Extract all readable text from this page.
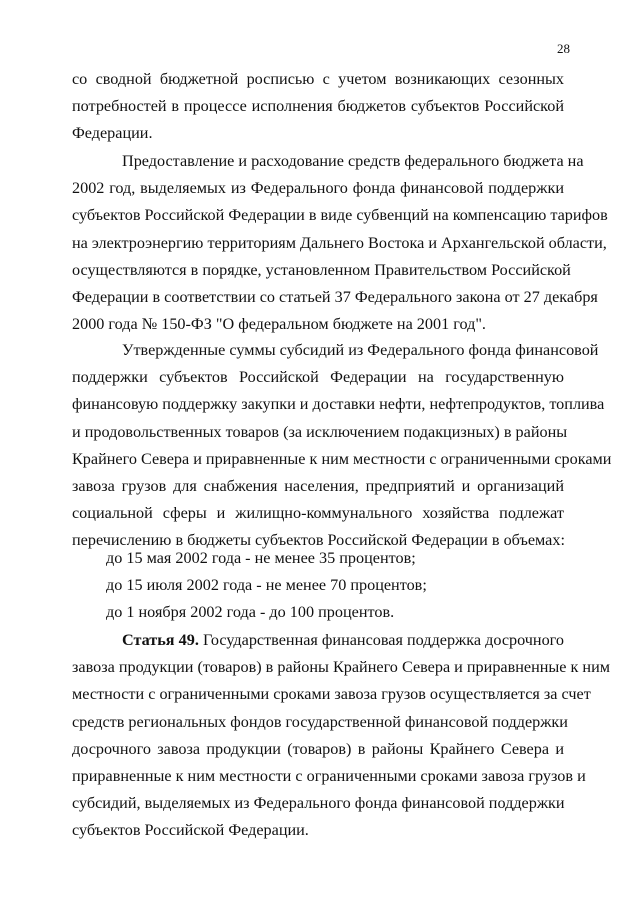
28
со сводной бюджетной росписью с учетом возникающих сезонных
потребностей в процессе исполнения бюджетов субъектов Российской
Федерации.
Предоставление и расходование средств федерального бюджета на
2002 год, выделяемых из Федерального фонда финансовой поддержки
субъектов Российской Федерации в виде субвенций на компенсацию тарифов
на электроэнергию территориям Дальнего Востока и Архангельской области,
осуществляются в порядке, установленном Правительством Российской
Федерации в соответствии со статьей 37 Федерального закона от 27 декабря
2000 года № 150-ФЗ "О федеральном бюджете на 2001 год".
Утвержденные суммы субсидий из Федерального фонда финансовой
поддержки субъектов Российской Федерации на государственную
финансовую поддержку закупки и доставки нефти, нефтепродуктов, топлива
и продовольственных товаров (за исключением подакцизных) в районы
Крайнего Севера и приравненные к ним местности с ограниченными сроками
завоза грузов для снабжения населения, предприятий и организаций
социальной сферы и жилищно-коммунального хозяйства подлежат
перечислению в бюджеты субъектов Российской Федерации в объемах:
до 15 мая 2002 года - не менее 35 процентов;
до 15 июля 2002 года - не менее 70 процентов;
до 1 ноября 2002 года - до 100 процентов.
Статья 49. Государственная финансовая поддержка досрочного
завоза продукции (товаров) в районы Крайнего Севера и приравненные к ним
местности с ограниченными сроками завоза грузов осуществляется за счет
средств региональных фондов государственной финансовой поддержки
досрочного завоза продукции (товаров) в районы Крайнего Севера и
приравненные к ним местности с ограниченными сроками завоза грузов и
субсидий, выделяемых из Федерального фонда финансовой поддержки
субъектов Российской Федерации.
